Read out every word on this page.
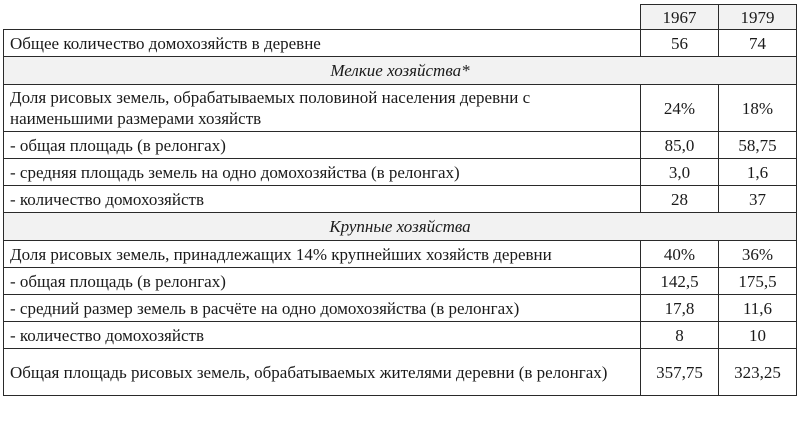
	1967	1979
Общее количество домохозяйств в деревне	56	74
Мелкие хозяйства*		
Доля рисовых земель, обрабатываемых половиной населения деревни с наименьшими размерами хозяйств	24%	18%
- общая площадь (в релонгах)	85,0	58,75
- средняя площадь земель на одно домохозяйства (в релонгах)	3,0	1,6
- количество домохозяйств	28	37
Крупные хозяйства		
Доля рисовых земель, принадлежащих 14% крупнейших хозяйств деревни	40%	36%
- общая площадь (в релонгах)	142,5	175,5
- средний размер земель в расчёте на одно домохозяйства (в релонгах)	17,8	11,6
- количество домохозяйств	8	10
Общая площадь рисовых земель, обрабатываемых жителями деревни (в релонгах)	357,75	323,25
